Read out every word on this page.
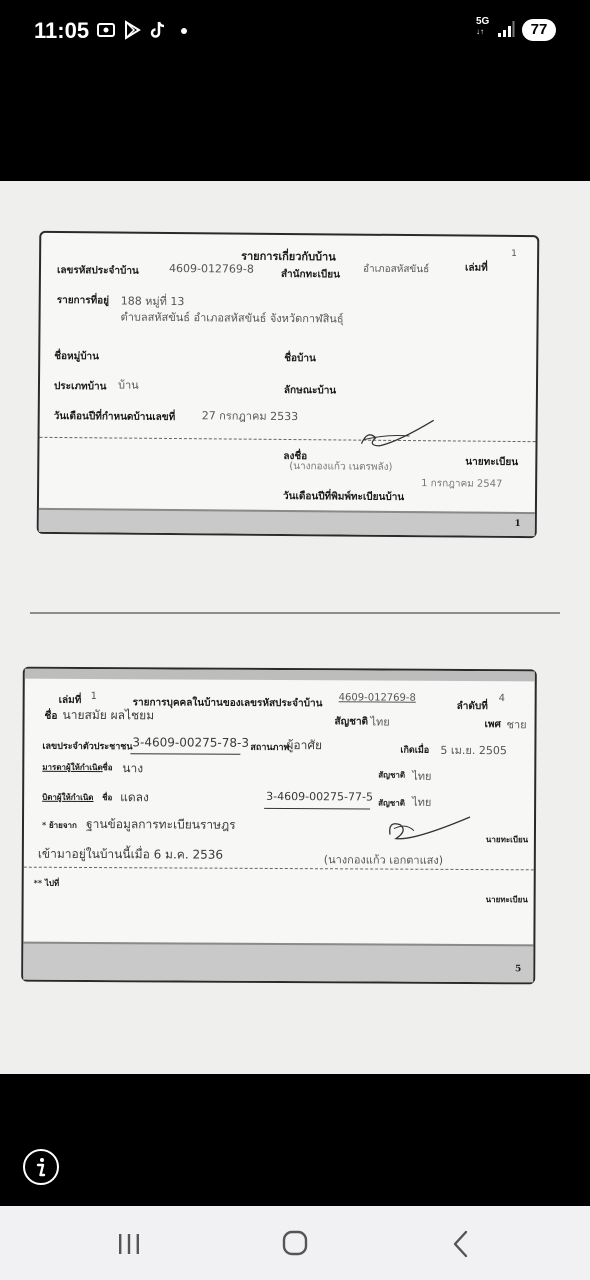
11:05	5G
↓↑	77
รายการเกี่ยวกับบ้าน
เลขรหัสประจำบ้าน	4609-012769-8	สำนักทะเบียน อำเภอสหัสขันธ์	เล่มที่
1
รายการที่อยู่ 188 หมู่ที่ 13
ตำบลสหัสขันธ์ อำเภอสหัสขันธ์ จังหวัดกาฬสินธุ์
ชื่อหมู่บ้าน	ชื่อบ้าน
ประเภทบ้าน บ้าน	ลักษณะบ้าน
วันเดือนปีที่กำหนดบ้านเลขที่ 27 กรกฎาคม 2533
ลงชื่อ
(นางกองแก้ว เนตรพลัง)	นายทะเบียน
1 กรกฎาคม 2547
วันเดือนปีที่พิมพ์ทะเบียนบ้าน
1
เล่มที่ 1
รายการบุคคลในบ้านของเลขรหัสประจำบ้าน 4609-012769-8
ลำดับที่
4
ชื่อ นายสมัย ผลไชยม	สัญชาติ ไทย	เพศ ชาย
เลขประจำตัวประชาชน 3-4609-00275-78-3 สถานภาพ
ผู้อาศัย	เกิดเมื่อ 5 เม.ย. 2505
มารดาผู้ให้กำเนิด ชื่อ นาง	สัญชาติ ไทย
บิดาผู้ให้กำเนิด ชื่อ แดลง	3-4609-00275-77-5 สัญชาติ ไทย
* ย้ายจาก ฐานข้อมูลการทะเบียนราษฎร
นายทะเบียน
เข้ามาอยู่ในบ้านนี้เมื่อ 6 ม.ค. 2536	(นางกองแก้ว เอกตาแสง)
** ไปที่
นายทะเบียน
5
